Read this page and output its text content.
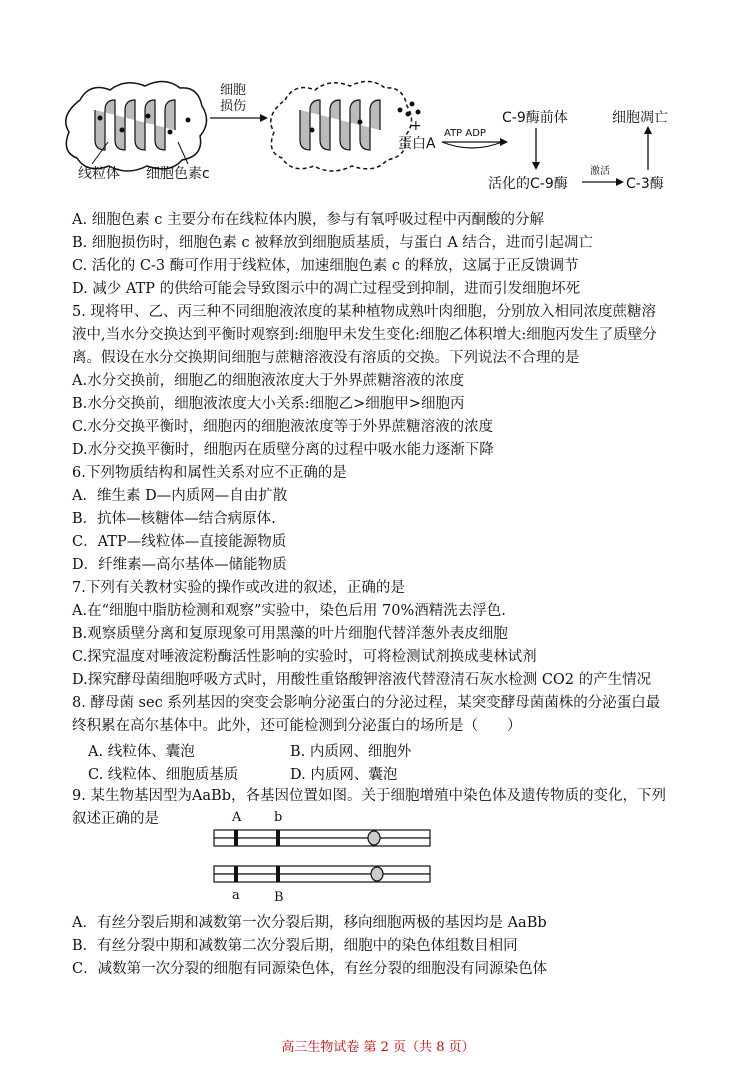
线粒体 细胞色素c
细胞
损伤
+
蛋白A
ATP ADP
C-9酶前体
活化的C-9酶
激活
C-3酶
细胞凋亡
A. 细胞色素 c 主要分布在线粒体内膜，参与有氧呼吸过程中丙酮酸的分解
B. 细胞损伤时，细胞色素 c 被释放到细胞质基质，与蛋白 A 结合，进而引起凋亡
C. 活化的 C-3 酶可作用于线粒体，加速细胞色素 c 的释放，这属于正反馈调节
D. 减少 ATP 的供给可能会导致图示中的凋亡过程受到抑制，进而引发细胞坏死
5. 现将甲、乙、丙三种不同细胞液浓度的某种植物成熟叶肉细胞，分别放入相同浓度蔗糖溶
液中,当水分交换达到平衡时观察到:细胞甲未发生变化:细胞乙体积增大:细胞丙发生了质壁分
离。假设在水分交换期间细胞与蔗糖溶液没有溶质的交换。下列说法不合理的是
A.水分交换前，细胞乙的细胞液浓度大于外界蔗糖溶液的浓度
B.水分交换前，细胞液浓度大小关系:细胞乙>细胞甲>细胞丙
C.水分交换平衡时，细胞丙的细胞液浓度等于外界蔗糖溶液的浓度
D.水分交换平衡时，细胞丙在质壁分离的过程中吸水能力逐渐下降
6.下列物质结构和属性关系对应不正确的是
A．维生素 D—内质网—自由扩散
B．抗体—核糖体—结合病原体.
C．ATP—线粒体—直接能源物质
D．纤维素—高尔基体—储能物质
7.下列有关教材实验的操作或改进的叙述，正确的是
A.在“细胞中脂肪检测和观察”实验中，染色后用 70%酒精洗去浮色.
B.观察质壁分离和复原现象可用黑藻的叶片细胞代替洋葱外表皮细胞
C.探究温度对唾液淀粉酶活性影响的实验时，可将检测试剂换成斐林试剂
D.探究酵母菌细胞呼吸方式时，用酸性重铬酸钾溶液代替澄清石灰水检测 CO2 的产生情况
8. 酵母菌 sec 系列基因的突变会影响分泌蛋白的分泌过程，某突变酵母菌菌株的分泌蛋白最
终积累在高尔基体中。此外，还可能检测到分泌蛋白的场所是（　　）
A. 线粒体、囊泡	B. 内质网、细胞外
C. 线粒体、细胞质基质	D. 内质网、囊泡
9. 某生物基因型为AaBb，各基因位置如图。关于细胞增殖中染色体及遗传物质的变化，下列
叙述正确的是	A	b
a	B
A．有丝分裂后期和减数第一次分裂后期，移向细胞两极的基因均是 AaBb
B．有丝分裂中期和减数第二次分裂后期，细胞中的染色体组数目相同
C．减数第一次分裂的细胞有同源染色体，有丝分裂的细胞没有同源染色体
高三生物试卷 第 2 页（共 8 页）
